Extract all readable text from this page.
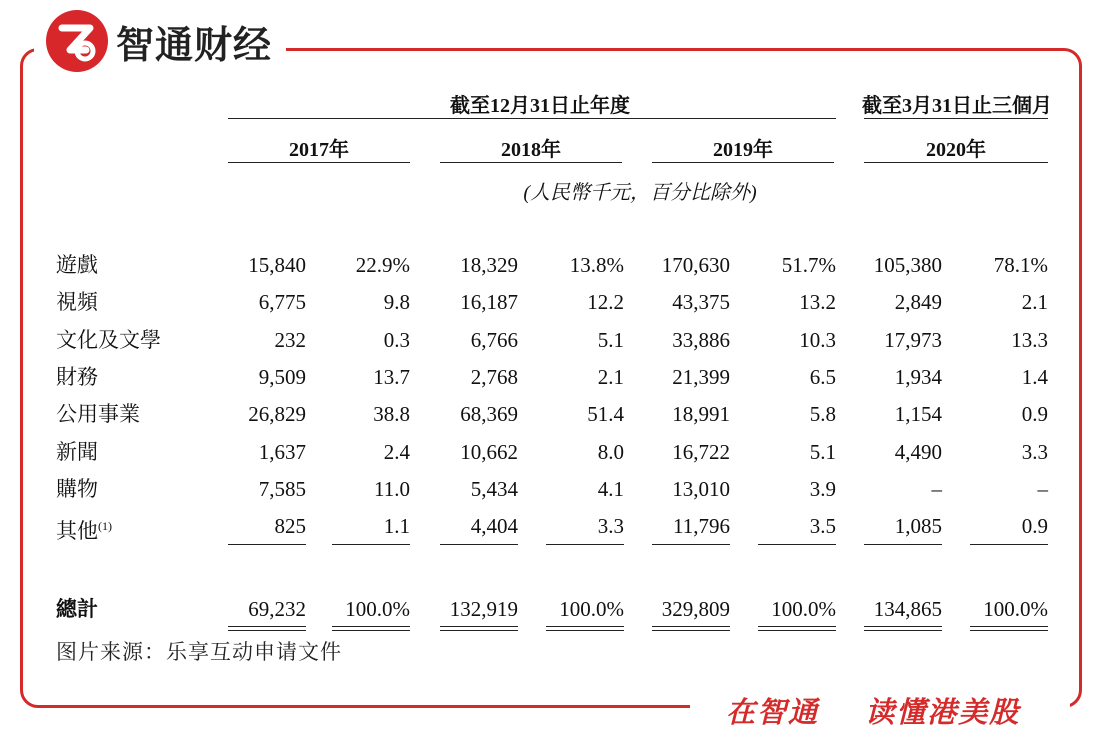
智通财经
截至12月31日止年度	截至3月31日止三個月
2017年	2018年	2019年	2020年
(人民幣千元，百分比除外)
遊戲	15,840	22.9%	18,329	13.8%	170,630	51.7%	105,380	78.1%
視頻	6,775	9.8	16,187	12.2	43,375	13.2	2,849	2.1
文化及文學	232	0.3	6,766	5.1	33,886	10.3	17,973	13.3
財務	9,509	13.7	2,768	2.1	21,399	6.5	1,934	1.4
公用事業	26,829	38.8	68,369	51.4	18,991	5.8	1,154	0.9
新聞	1,637	2.4	10,662	8.0	16,722	5.1	4,490	3.3
購物	7,585	11.0	5,434	4.1	13,010	3.9	–	–
其他$^{(1)}$	825	1.1	4,404	3.3	11,796	3.5	1,085	0.9
總計	69,232	100.0%	132,919	100.0%	329,809	100.0%	134,865	100.0%
图片来源：乐享互动申请文件
在智通 读懂港美股
